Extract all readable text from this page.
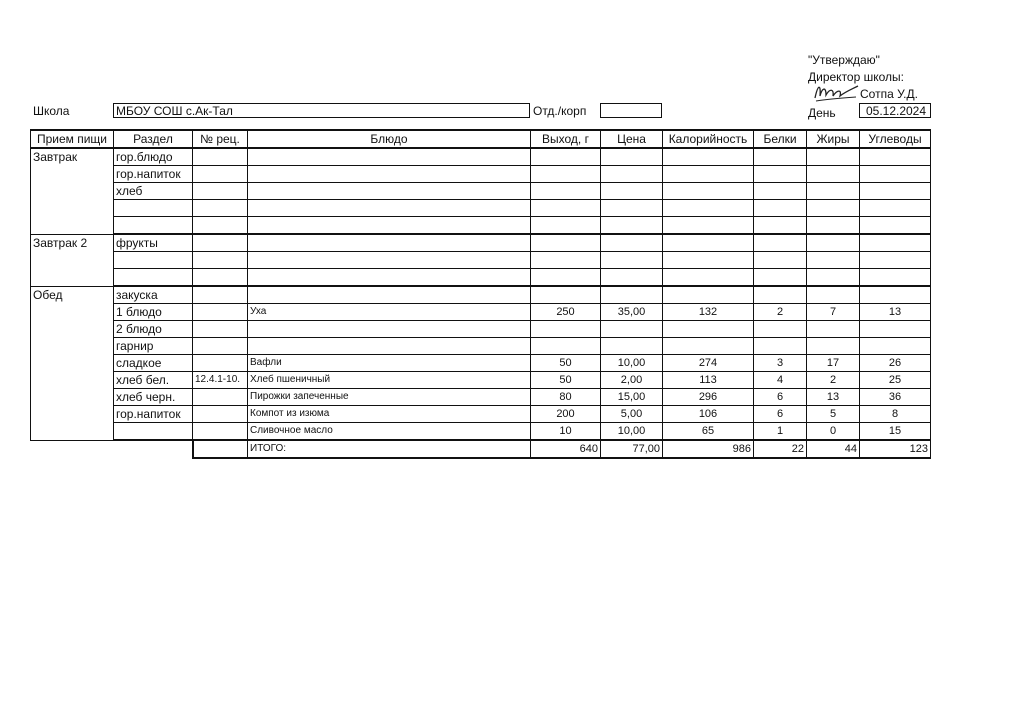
"Утверждаю"
Директор школы:
Сотпа У.Д.
Школа	МБОУ СОШ с.Ак-Тал	Отд./корп	День	05.12.2024
Прием пищи	Раздел	№ рец.	Блюдо	Выход, г	Цена	Калорийность	Белки	Жиры	Углеводы
Завтрак	гор.блюдо								
	гор.напиток								
	хлеб								

Завтрак 2	фрукты								

Обед	закуска								
	1 блюдо		Уха	250	35,00	132	2	7	13
	2 блюдо								
	гарнир								
	сладкое		Вафли	50	10,00	274	3	17	26
	хлеб бел.	12.4.1-10.	Хлеб пшеничный	50	2,00	113	4	2	25
	хлеб черн.		Пирожки запеченные	80	15,00	296	6	13	36
	гор.напиток		Компот из изюма	200	5,00	106	6	5	8
			Сливочное масло	10	10,00	65	1	0	15
			ИТОГО:	640	77,00	986	22	44	123
